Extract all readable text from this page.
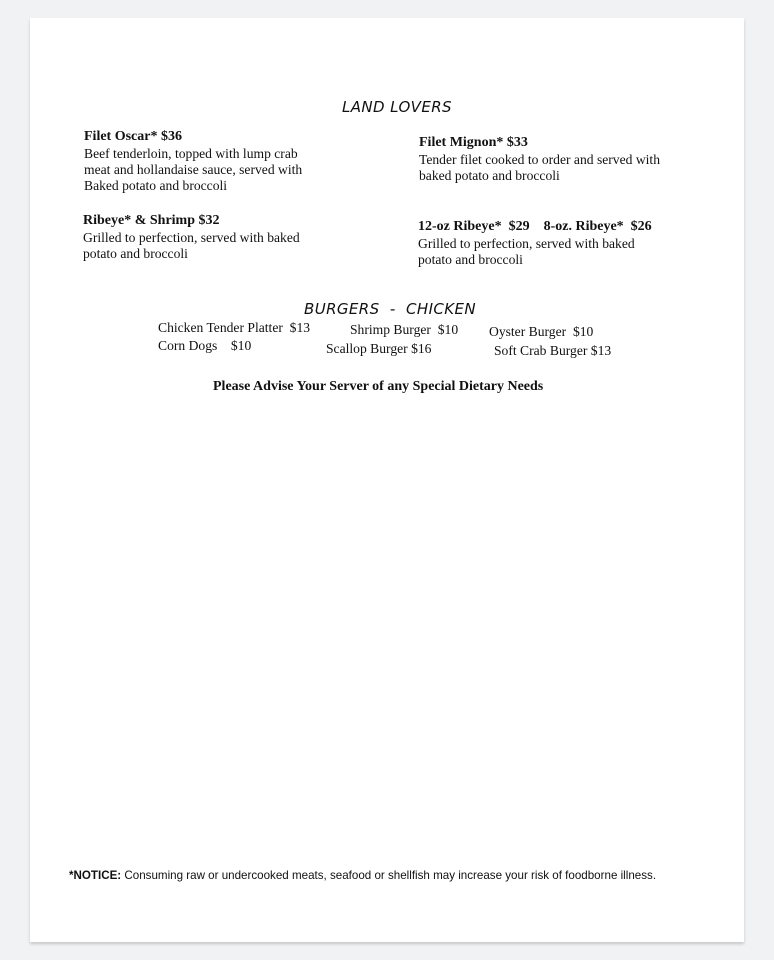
LAND LOVERS
Filet Oscar* $36
Beef tenderloin, topped with lump crab
meat and hollandaise sauce, served with
Baked potato and broccoli
Filet Mignon* $33
Tender filet cooked to order and served with
baked potato and broccoli
Ribeye* & Shrimp $32
Grilled to perfection, served with baked
potato and broccoli
12-oz Ribeye*  $29    8-oz. Ribeye*  $26
Grilled to perfection, served with baked
potato and broccoli
BURGERS  -  CHICKEN
Chicken Tender Platter  $13	Shrimp Burger  $10 Oyster Burger  $10
Corn Dogs    $10	Scallop Burger $16	Soft Crab Burger $13
Please Advise Your Server of any Special Dietary Needs
*NOTICE: Consuming raw or undercooked meats, seafood or shellfish may increase your risk of foodborne illness.
